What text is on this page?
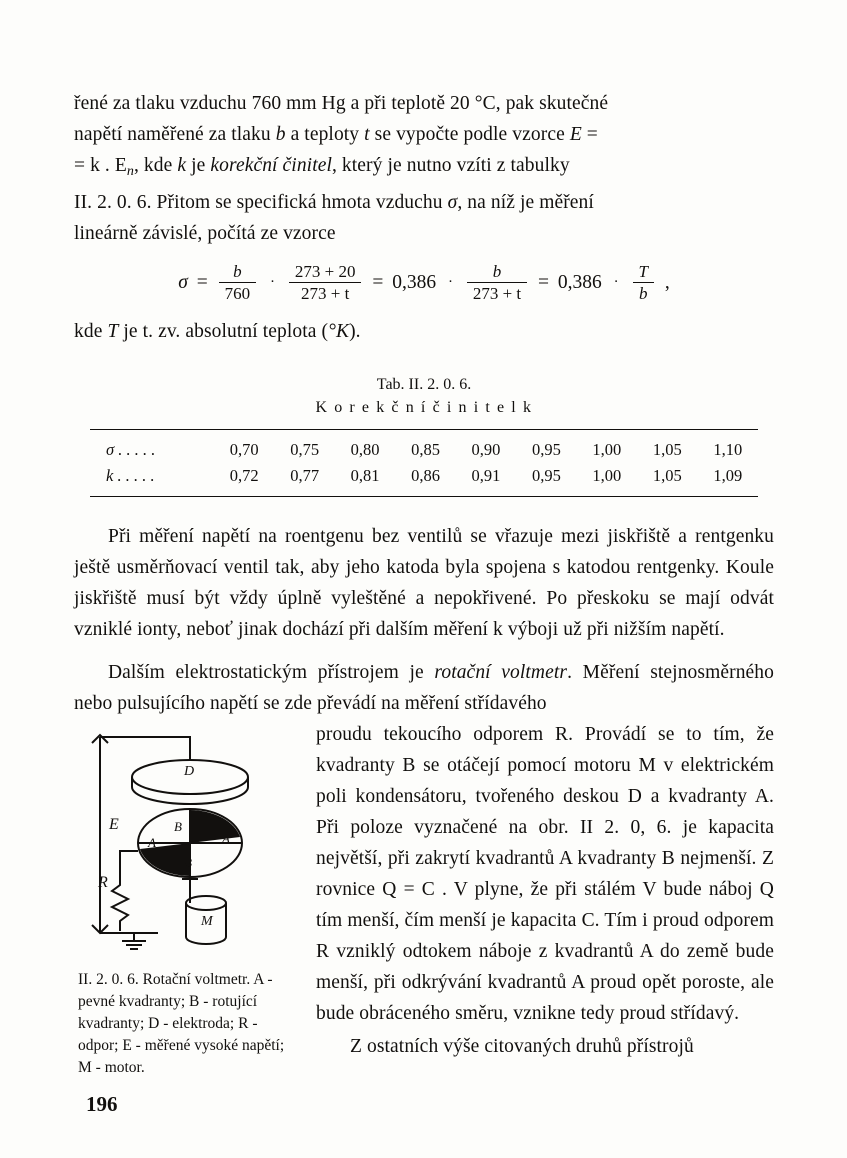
řené za tlaku vzduchu 760 mm Hg a při teplotě 20 °C, pak skutečné
napětí naměřené za tlaku b a teploty t se vypočte podle vzorce E =
= k . $E_n$, kde k je korekční činitel, který je nutno vzíti z tabulky
II. 2. 0. 6. Přitom se specifická hmota vzduchu σ, na níž je měření
lineárně závislé, počítá ze vzorce

$\sigma = \frac{b}{760} \cdot \frac{273 + 20}{273 + t} = 0,386 \cdot \frac{b}{273 + t} = 0,386 \cdot \frac{T}{b}$ ,

kde T je t. zv. absolutní teplota (°K).

Tab. II. 2. 0. 6.
K o r e k č n í č i n i t e l k
σ . . . . .	0,70	0,75	0,80	0,85	0,90	0,95	1,00	1,05	1,10
k . . . . .	0,72	0,77	0,81	0,86	0,91	0,95	1,00	1,05	1,09

Při měření napětí na roentgenu bez ventilů se vřazuje mezi jiskřiště a rentgenku ještě usměrňovací ventil tak, aby jeho katoda byla spojena s katodou rentgenky. Koule jiskřiště musí být vždy úplně vyleštěné a nepokřivené. Po přeskoku se mají odvát vzniklé ionty, neboť jinak dochází při dalším měření k výboji už při nižším napětí.

Dalším elektrostatickým přístrojem je rotační voltmetr. Měření stejnosměrného nebo pulsujícího napětí se zde převádí na měření střídavého

E
D
B
A	A
B
R
M
II. 2. 0. 6. Rotační voltmetr. A - pevné kvadranty; B - rotující kvadranty; D - elektroda; R - odpor; E - měřené vysoké napětí; M - motor.

proudu tekoucího odporem R. Provádí se to tím, že kvadranty B se otáčejí pomocí motoru M v elektrickém poli kondensátoru, tvořeného deskou D a kvadranty A. Při poloze vyznačené na obr. II 2. 0, 6. je kapacita největší, při zakrytí kvadrantů A kvadranty B nejmenší. Z rovnice Q = C . V plyne, že při stálém V bude náboj Q tím menší, čím menší je kapacita C. Tím i proud odporem R vzniklý odtokem náboje z kvadrantů A do země bude menší, při odkrývání kvadrantů A proud opět poroste, ale bude obráceného směru, vznikne tedy proud střídavý.

Z ostatních výše citovaných druhů přístrojů

196
